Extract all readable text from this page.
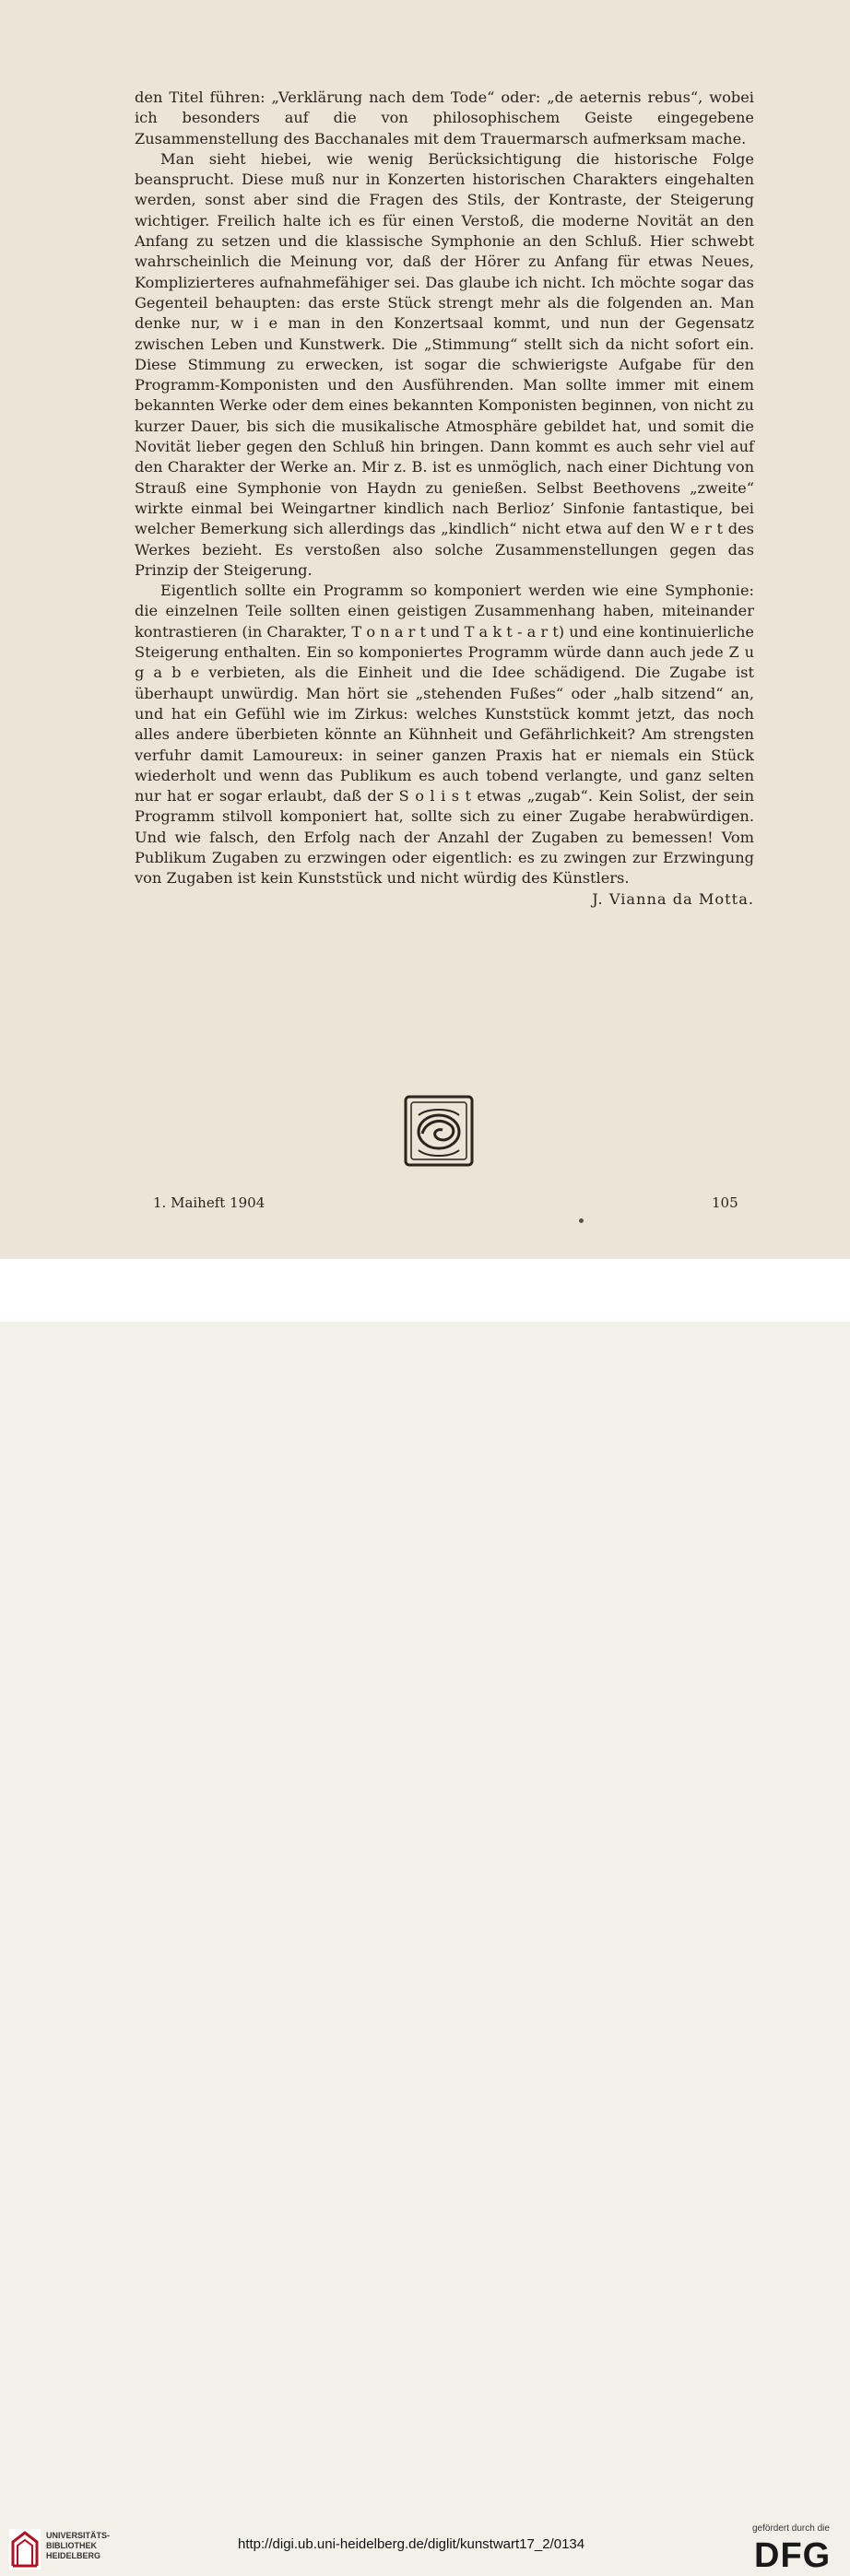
den Titel führen: „Verklärung nach dem Tode“ oder: „de aeternis rebus“, wobei ich besonders auf die von philosophischem Geiste eingegebene Zusammenstellung des Bacchanales mit dem Trauermarsch aufmerksam mache.

Man sieht hiebei, wie wenig Berücksichtigung die historische Folge beansprucht. Diese muß nur in Konzerten historischen Charakters eingehalten werden, sonst aber sind die Fragen des Stils, der Kontraste, der Steigerung wichtiger. Freilich halte ich es für einen Verstoß, die moderne Novität an den Anfang zu setzen und die klassische Symphonie an den Schluß. Hier schwebt wahrscheinlich die Meinung vor, daß der Hörer zu Anfang für etwas Neues, Komplizierteres aufnahmefähiger sei. Das glaube ich nicht. Ich möchte sogar das Gegenteil behaupten: das erste Stück strengt mehr als die folgenden an. Man denke nur, w i e man in den Konzertsaal kommt, und nun der Gegensatz zwischen Leben und Kunstwerk. Die „Stimmung“ stellt sich da nicht sofort ein. Diese Stimmung zu erwecken, ist sogar die schwierigste Aufgabe für den Programm-Komponisten und den Ausführenden. Man sollte immer mit einem bekannten Werke oder dem eines bekannten Komponisten beginnen, von nicht zu kurzer Dauer, bis sich die musikalische Atmosphäre gebildet hat, und somit die Novität lieber gegen den Schluß hin bringen. Dann kommt es auch sehr viel auf den Charakter der Werke an. Mir z. B. ist es unmöglich, nach einer Dichtung von Strauß eine Symphonie von Haydn zu genießen. Selbst Beethovens „zweite“ wirkte einmal bei Weingartner kindlich nach Berlioz’ Sinfonie fantastique, bei welcher Bemerkung sich allerdings das „kindlich“ nicht etwa auf den W e r t des Werkes bezieht. Es verstoßen also solche Zusammenstellungen gegen das Prinzip der Steigerung.

Eigentlich sollte ein Programm so komponiert werden wie eine Symphonie: die einzelnen Teile sollten einen geistigen Zusammenhang haben, miteinander kontrastieren (in Charakter, T o n a r t und T a k t - a r t) und eine kontinuierliche Steigerung enthalten. Ein so komponiertes Programm würde dann auch jede Z u g a b e verbieten, als die Einheit und die Idee schädigend. Die Zugabe ist überhaupt unwürdig. Man hört sie „stehenden Fußes“ oder „halb sitzend“ an, und hat ein Gefühl wie im Zirkus: welches Kunststück kommt jetzt, das noch alles andere überbieten könnte an Kühnheit und Gefährlichkeit? Am strengsten verfuhr damit Lamoureux: in seiner ganzen Praxis hat er niemals ein Stück wiederholt und wenn das Publikum es auch tobend verlangte, und ganz selten nur hat er sogar erlaubt, daß der S o l i s t etwas „zugab“. Kein Solist, der sein Programm stilvoll komponiert hat, sollte sich zu einer Zugabe herabwürdigen. Und wie falsch, den Erfolg nach der Anzahl der Zugaben zu bemessen! Vom Publikum Zugaben zu erzwingen oder eigentlich: es zu zwingen zur Erzwingung von Zugaben ist kein Kunststück und nicht würdig des Künstlers.

J. Vianna da Motta.

1. Maiheft 1904	105
UNIVERSITÄTS-
BIBLIOTHEK
HEIDELBERG
http://digi.ub.uni-heidelberg.de/diglit/kunstwart17_2/0134
gefördert durch die
DFG
